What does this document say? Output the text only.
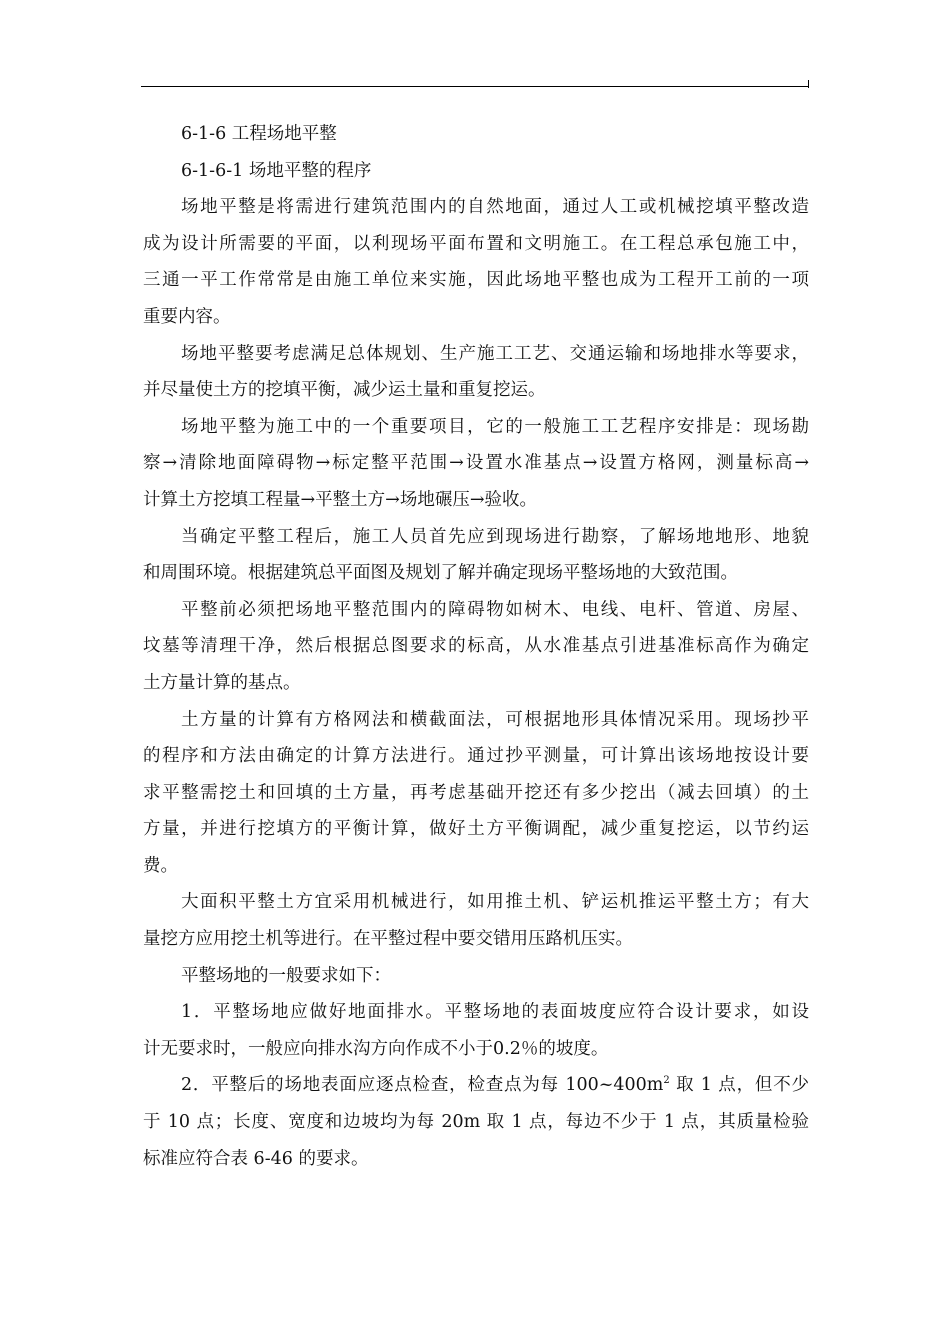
6-1-6 工程场地平整
6-1-6-1 场地平整的程序
场地平整是将需进行建筑范围内的自然地面，通过人工或机械挖填平整改造
成为设计所需要的平面，以利现场平面布置和文明施工。在工程总承包施工中，
三通一平工作常常是由施工单位来实施，因此场地平整也成为工程开工前的一项
重要内容。
场地平整要考虑满足总体规划、生产施工工艺、交通运输和场地排水等要求，
并尽量使土方的挖填平衡，减少运土量和重复挖运。
场地平整为施工中的一个重要项目，它的一般施工工艺程序安排是：现场勘
察→清除地面障碍物→标定整平范围→设置水准基点→设置方格网，测量标高→
计算土方挖填工程量→平整土方→场地碾压→验收。
当确定平整工程后，施工人员首先应到现场进行勘察，了解场地地形、地貌
和周围环境。根据建筑总平面图及规划了解并确定现场平整场地的大致范围。
平整前必须把场地平整范围内的障碍物如树木、电线、电杆、管道、房屋、
坟墓等清理干净，然后根据总图要求的标高，从水准基点引进基准标高作为确定
土方量计算的基点。
土方量的计算有方格网法和横截面法，可根据地形具体情况采用。现场抄平
的程序和方法由确定的计算方法进行。通过抄平测量，可计算出该场地按设计要
求平整需挖土和回填的土方量，再考虑基础开挖还有多少挖出（减去回填）的土
方量，并进行挖填方的平衡计算，做好土方平衡调配，减少重复挖运，以节约运
费。
大面积平整土方宜采用机械进行，如用推土机、铲运机推运平整土方；有大
量挖方应用挖土机等进行。在平整过程中要交错用压路机压实。
平整场地的一般要求如下：
1．平整场地应做好地面排水。平整场地的表面坡度应符合设计要求，如设
计无要求时，一般应向排水沟方向作成不小于0.2％的坡度。
2．平整后的场地表面应逐点检查，检查点为每 $100\sim 400m^2$ 取 1 点，但不少
于 10 点；长度、宽度和边坡均为每 20m 取 1 点，每边不少于 1 点，其质量检验
标准应符合表 6-46 的要求。
